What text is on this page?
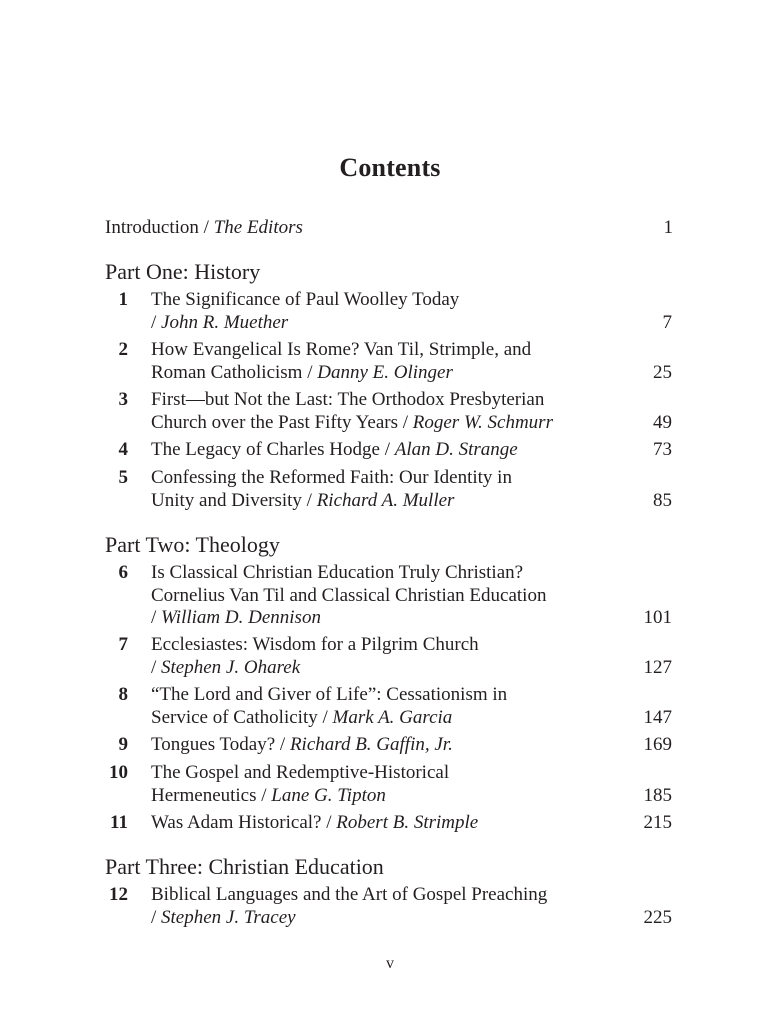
Contents
Introduction / The Editors	1
Part One: History
1 The Significance of Paul Woolley Today
/ John R. Muether	7
2 How Evangelical Is Rome? Van Til, Strimple, and
Roman Catholicism / Danny E. Olinger	25
3 First—but Not the Last: The Orthodox Presbyterian
Church over the Past Fifty Years / Roger W. Schmurr	49
4 The Legacy of Charles Hodge / Alan D. Strange	73
5 Confessing the Reformed Faith: Our Identity in
Unity and Diversity / Richard A. Muller	85
Part Two: Theology
6 Is Classical Christian Education Truly Christian?
Cornelius Van Til and Classical Christian Education
/ William D. Dennison	101
7 Ecclesiastes: Wisdom for a Pilgrim Church
/ Stephen J. Oharek	127
8 “The Lord and Giver of Life”: Cessationism in
Service of Catholicity / Mark A. Garcia	147
9 Tongues Today? / Richard B. Gaffin, Jr.	169
10 The Gospel and Redemptive-Historical
Hermeneutics / Lane G. Tipton	185
11 Was Adam Historical? / Robert B. Strimple	215
Part Three: Christian Education
12 Biblical Languages and the Art of Gospel Preaching
/ Stephen J. Tracey	225
v
